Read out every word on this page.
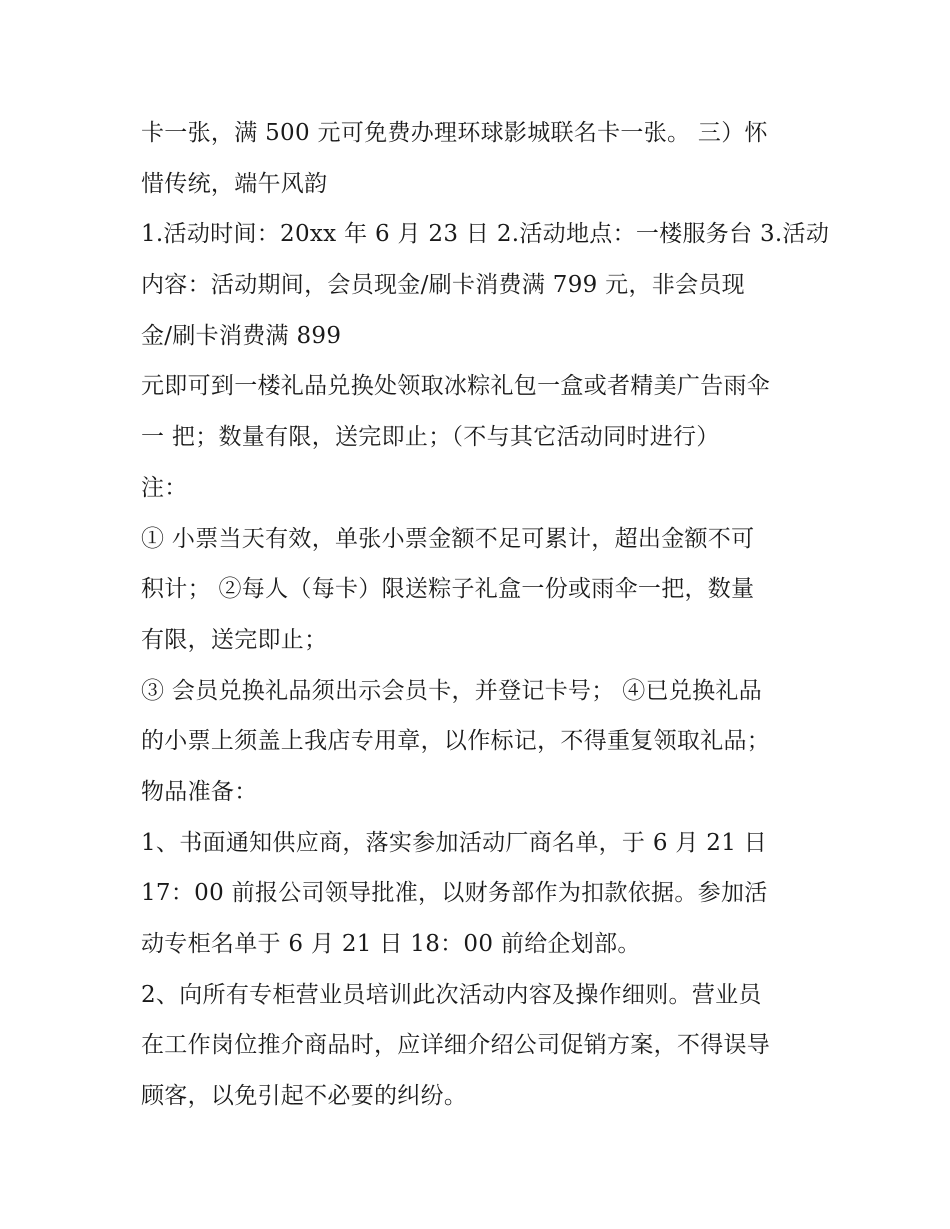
卡一张，满 500 元可免费办理环球影城联名卡一张。 三）怀
惜传统，端午风韵
1.活动时间：20xx 年 6 月 23 日 2.活动地点：一楼服务台 3.活动
内容：活动期间，会员现金/刷卡消费满 799 元，非会员现
金/刷卡消费满 899
元即可到一楼礼品兑换处领取冰粽礼包一盒或者精美广告雨伞
一 把；数量有限，送完即止；（不与其它活动同时进行）
注：
① 小票当天有效，单张小票金额不足可累计，超出金额不可
积计； ②每人（每卡）限送粽子礼盒一份或雨伞一把，数量
有限，送完即止；
③ 会员兑换礼品须出示会员卡，并登记卡号； ④已兑换礼品
的小票上须盖上我店专用章，以作标记，不得重复领取礼品；
物品准备：
1、书面通知供应商，落实参加活动厂商名单，于 6 月 21 日
17：00 前报公司领导批准，以财务部作为扣款依据。参加活
动专柜名单于 6 月 21 日 18：00 前给企划部。
2、向所有专柜营业员培训此次活动内容及操作细则。营业员
在工作岗位推介商品时，应详细介绍公司促销方案，不得误导
顾客，以免引起不必要的纠纷。
